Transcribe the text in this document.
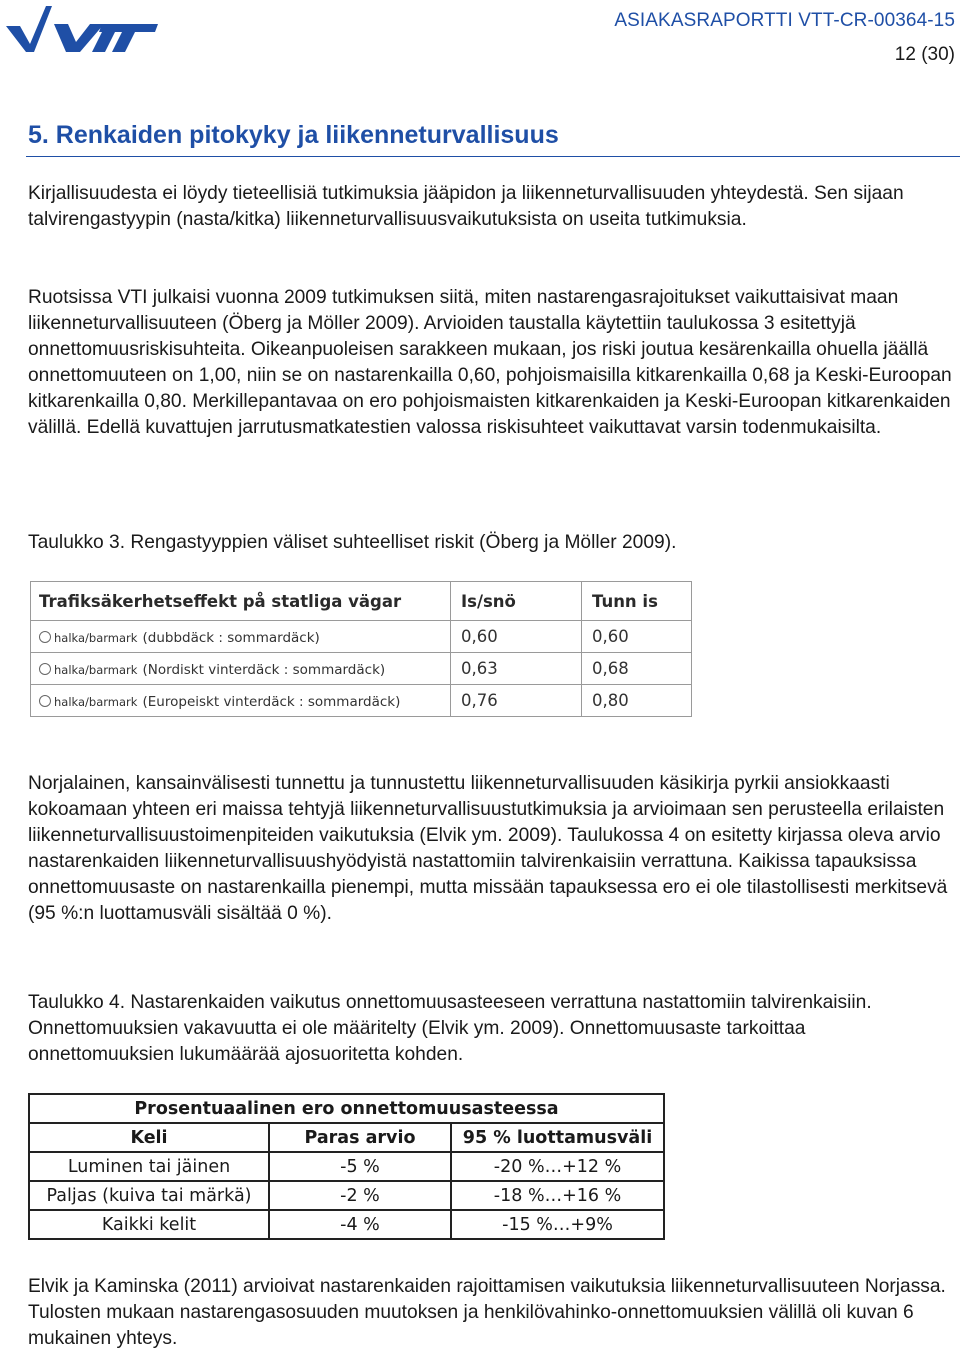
ASIAKASRAPORTTI VTT-CR-00364-15
12 (30)
5. Renkaiden pitokyky ja liikenneturvallisuus

Kirjallisuudesta ei löydy tieteellisiä tutkimuksia jääpidon ja liikenneturvallisuuden yhteydestä. Sen sijaan talvirengastyypin (nasta/kitka) liikenneturvallisuusvaikutuksista on useita tutkimuksia.

Ruotsissa VTI julkaisi vuonna 2009 tutkimuksen siitä, miten nastarengasrajoitukset vaikuttaisivat maan liikenneturvallisuuteen (Öberg ja Möller 2009). Arvioiden taustalla käytettiin taulukossa 3 esitettyjä onnettomuusriskisuhteita. Oikeanpuoleisen sarakkeen mukaan, jos riski joutua kesärenkailla ohuella jäällä onnettomuuteen on 1,00, niin se on nastarenkailla 0,60, pohjoismaisilla kitkarenkailla 0,68 ja Keski-Euroopan kitkarenkailla 0,80. Merkillepantavaa on ero pohjoismaisten kitkarenkaiden ja Keski-Euroopan kitkarenkaiden välillä. Edellä kuvattujen jarrutusmatkatestien valossa riskisuhteet vaikuttavat varsin todenmukaisilta.

Taulukko 3. Rengastyyppien väliset suhteelliset riskit (Öberg ja Möller 2009).

Trafiksäkerhetseffekt på statliga vägar	Is/snö	Tunn is
halka/barmark (dubbdäck : sommardäck)	0,60	0,60
halka/barmark (Nordiskt vinterdäck : sommardäck)	0,63	0,68
halka/barmark (Europeiskt vinterdäck : sommardäck)	0,76	0,80

Norjalainen, kansainvälisesti tunnettu ja tunnustettu liikenneturvallisuuden käsikirja pyrkii ansiokkaasti kokoamaan yhteen eri maissa tehtyjä liikenneturvallisuustutkimuksia ja arvioimaan sen perusteella erilaisten liikenneturvallisuustoimenpiteiden vaikutuksia (Elvik ym. 2009). Taulukossa 4 on esitetty kirjassa oleva arvio nastarenkaiden liikenneturvallisuushyödyistä nastattomiin talvirenkaisiin verrattuna. Kaikissa tapauksissa onnettomuusaste on nastarenkailla pienempi, mutta missään tapauksessa ero ei ole tilastollisesti merkitsevä (95 %:n luottamusväli sisältää 0 %).

Taulukko 4. Nastarenkaiden vaikutus onnettomuusasteeseen verrattuna nastattomiin talvirenkaisiin. Onnettomuuksien vakavuutta ei ole määritelty (Elvik ym. 2009). Onnettomuusaste tarkoittaa onnettomuuksien lukumäärää ajosuoritetta kohden.

Prosentuaalinen ero onnettomuusasteessa		
Keli	Paras arvio	95 % luottamusväli
Luminen tai jäinen	-5 %	-20 %…+12 %
Paljas (kuiva tai märkä)	-2 %	-18 %…+16 %
Kaikki kelit	-4 %	-15 %…+9%

Elvik ja Kaminska (2011) arvioivat nastarenkaiden rajoittamisen vaikutuksia liikenneturvallisuuteen Norjassa. Tulosten mukaan nastarengasosuuden muutoksen ja henkilövahinko-onnettomuuksien välillä oli kuvan 6 mukainen yhteys.
